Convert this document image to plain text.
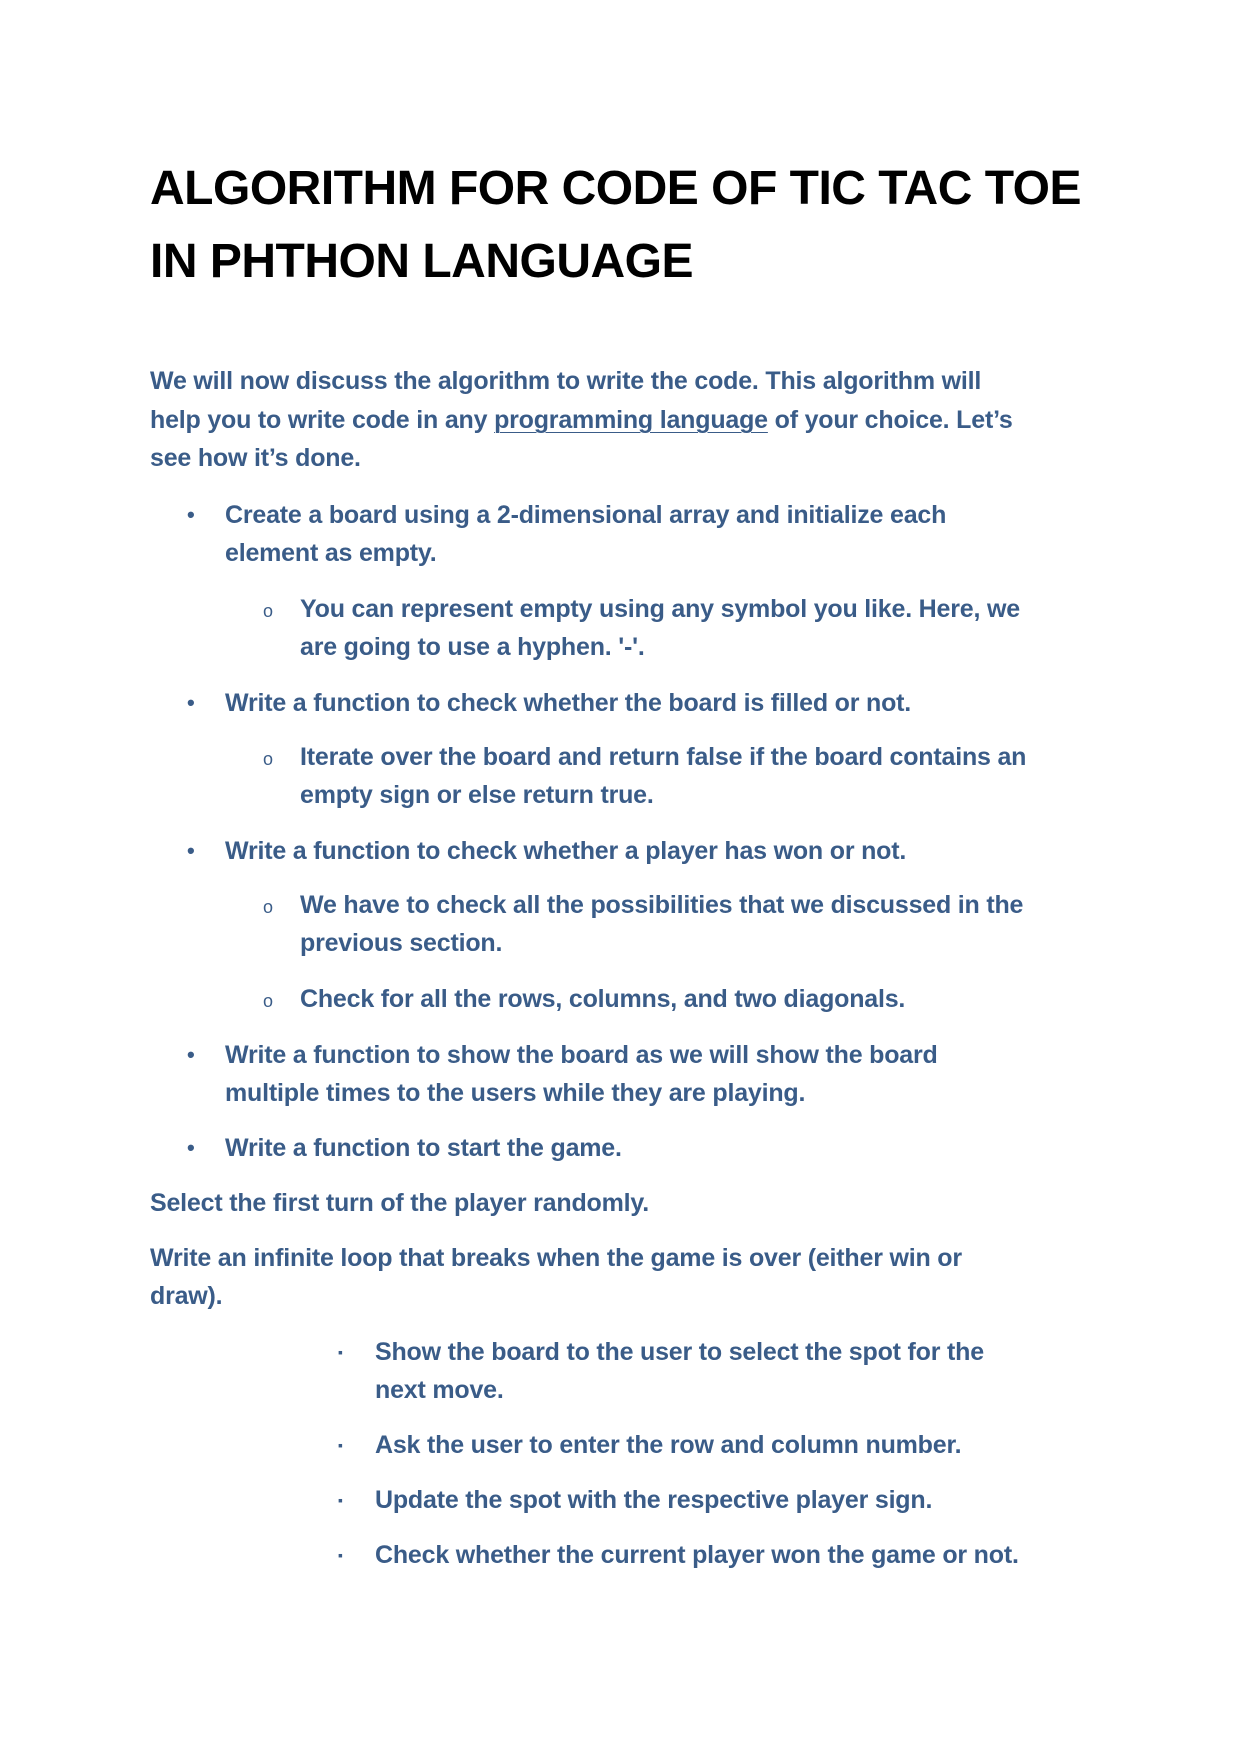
ALGORITHM FOR CODE OF TIC TAC TOE
IN PHTHON LANGUAGE
We will now discuss the algorithm to write the code. This algorithm will
help you to write code in any programming language of your choice. Let’s
see how it’s done.
• Create a board using a 2-dimensional array and initialize each
element as empty.
o You can represent empty using any symbol you like. Here, we
are going to use a hyphen. '-'.
• Write a function to check whether the board is filled or not.
o Iterate over the board and return false if the board contains an
empty sign or else return true.
• Write a function to check whether a player has won or not.
o We have to check all the possibilities that we discussed in the
previous section.
o Check for all the rows, columns, and two diagonals.
• Write a function to show the board as we will show the board
multiple times to the users while they are playing.
• Write a function to start the game.
Select the first turn of the player randomly.
Write an infinite loop that breaks when the game is over (either win or
draw).
▪ Show the board to the user to select the spot for the
next move.
▪ Ask the user to enter the row and column number.
▪ Update the spot with the respective player sign.
▪ Check whether the current player won the game or not.
